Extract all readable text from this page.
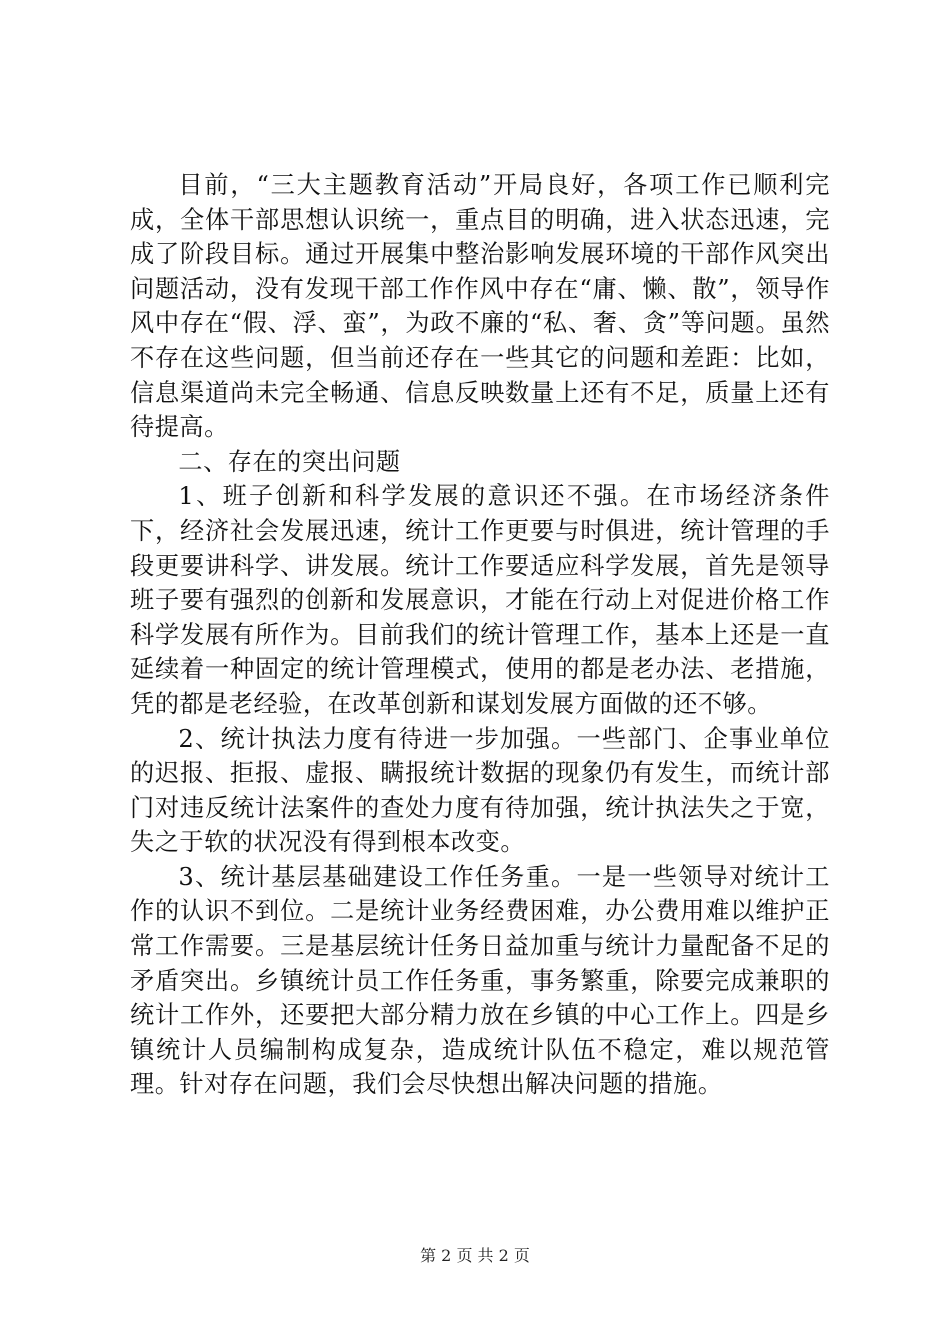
目前，“三大主题教育活动”开局良好，各项工作已顺利完成，全体干部思想认识统一，重点目的明确，进入状态迅速，完成了阶段目标。通过开展集中整治影响发展环境的干部作风突出问题活动，没有发现干部工作作风中存在“庸、懒、散”，领导作风中存在“假、浮、蛮”，为政不廉的“私、奢、贪”等问题。虽然不存在这些问题，但当前还存在一些其它的问题和差距：比如，信息渠道尚未完全畅通、信息反映数量上还有不足，质量上还有待提高。

二、存在的突出问题

1、班子创新和科学发展的意识还不强。在市场经济条件下，经济社会发展迅速，统计工作更要与时俱进，统计管理的手段更要讲科学、讲发展。统计工作要适应科学发展，首先是领导班子要有强烈的创新和发展意识，才能在行动上对促进价格工作科学发展有所作为。目前我们的统计管理工作，基本上还是一直延续着一种固定的统计管理模式，使用的都是老办法、老措施，凭的都是老经验，在改革创新和谋划发展方面做的还不够。

2、统计执法力度有待进一步加强。一些部门、企事业单位的迟报、拒报、虚报、瞒报统计数据的现象仍有发生，而统计部门对违反统计法案件的查处力度有待加强，统计执法失之于宽，失之于软的状况没有得到根本改变。

3、统计基层基础建设工作任务重。一是一些领导对统计工作的认识不到位。二是统计业务经费困难，办公费用难以维护正常工作需要。三是基层统计任务日益加重与统计力量配备不足的矛盾突出。乡镇统计员工作任务重，事务繁重，除要完成兼职的统计工作外，还要把大部分精力放在乡镇的中心工作上。四是乡镇统计人员编制构成复杂，造成统计队伍不稳定，难以规范管理。针对存在问题，我们会尽快想出解决问题的措施。

第 2 页 共 2 页
